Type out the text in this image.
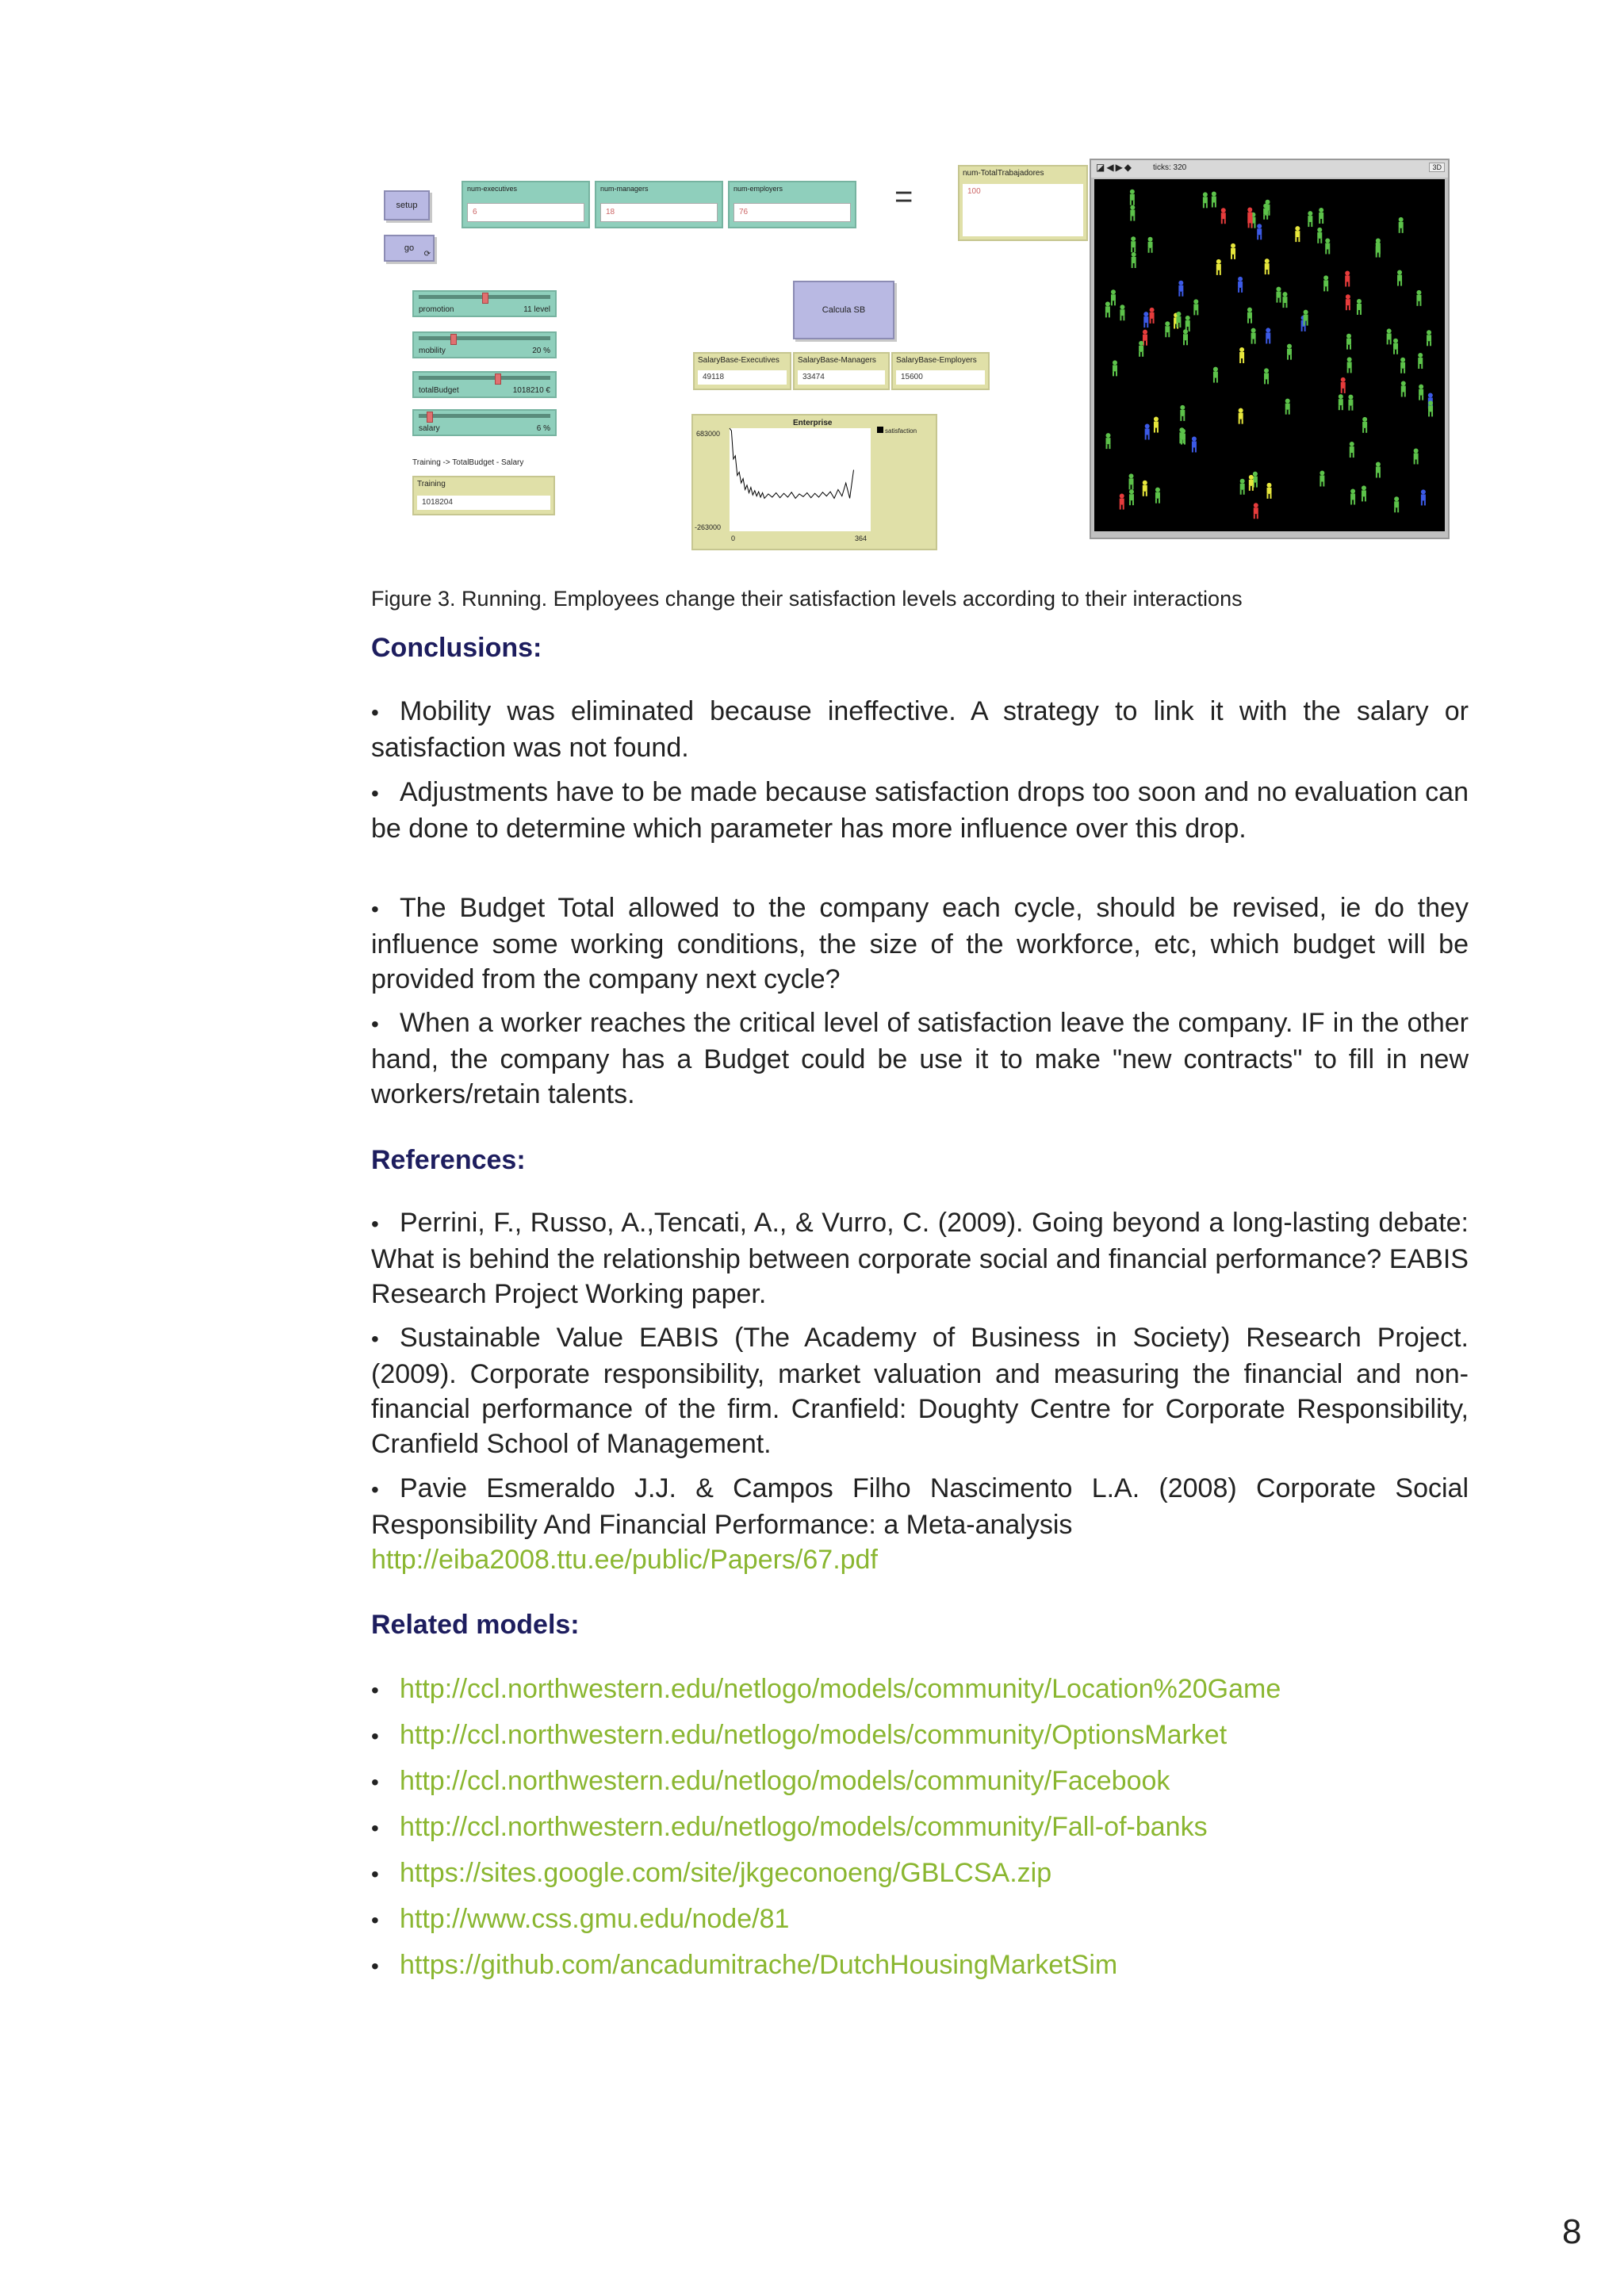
setup
go
⟳
num-executives
6
num-managers
18
num-employers
76	=
num-TotalTrabajadores
100
promotion	11 level
mobility	20 %
totalBudget	1018210 €
salary	6 %
Training -> TotalBudget - Salary
Training
1018204
Calcula SB
SalaryBase-Executives
49118
SalaryBase-Managers
33474
SalaryBase-Employers
15600
Enterprise
683000
-263000
0	364
satisfaction
◪◀▶◆ ticks: 320	3D
Figure 3. Running. Employees change their satisfaction levels according to their interactions
Conclusions:

•Mobility was eliminated because ineffective. A strategy to link it with the salary or satisfaction was not found.

•Adjustments have to be made because satisfaction drops too soon and no evaluation can be done to determine which parameter has more influence over this drop.

•The Budget Total allowed to the company each cycle, should be revised, ie do they influence some working conditions, the size of the workforce, etc, which budget will be provided from the company next cycle?

•When a worker reaches the critical level of satisfaction leave the company. IF in the other hand, the company has a Budget could be use it to make "new contracts" to fill in new workers/retain talents.

References:

•Perrini, F., Russo, A.,Tencati, A., & Vurro, C. (2009). Going beyond a long-lasting debate: What is behind the relationship between corporate social and financial performance? EABIS Research Project Working paper.

•Sustainable Value EABIS (The Academy of Business in Society) Research Project. (2009). Corporate responsibility, market valuation and measuring the financial and non-financial performance of the firm. Cranfield: Doughty Centre for Corporate Responsibility, Cranfield School of Management.

•Pavie Esmeraldo J.J. & Campos Filho Nascimento L.A. (2008) Corporate Social Responsibility And Financial Performance: a Meta-analysis
http://eiba2008.ttu.ee/public/Papers/67.pdf

Related models:
•http://ccl.northwestern.edu/netlogo/models/community/Location%20Game
•http://ccl.northwestern.edu/netlogo/models/community/OptionsMarket
•http://ccl.northwestern.edu/netlogo/models/community/Facebook
•http://ccl.northwestern.edu/netlogo/models/community/Fall-of-banks
•https://sites.google.com/site/jkgeconoeng/GBLCSA.zip
•http://www.css.gmu.edu/node/81
•https://github.com/ancadumitrache/DutchHousingMarketSim
8
